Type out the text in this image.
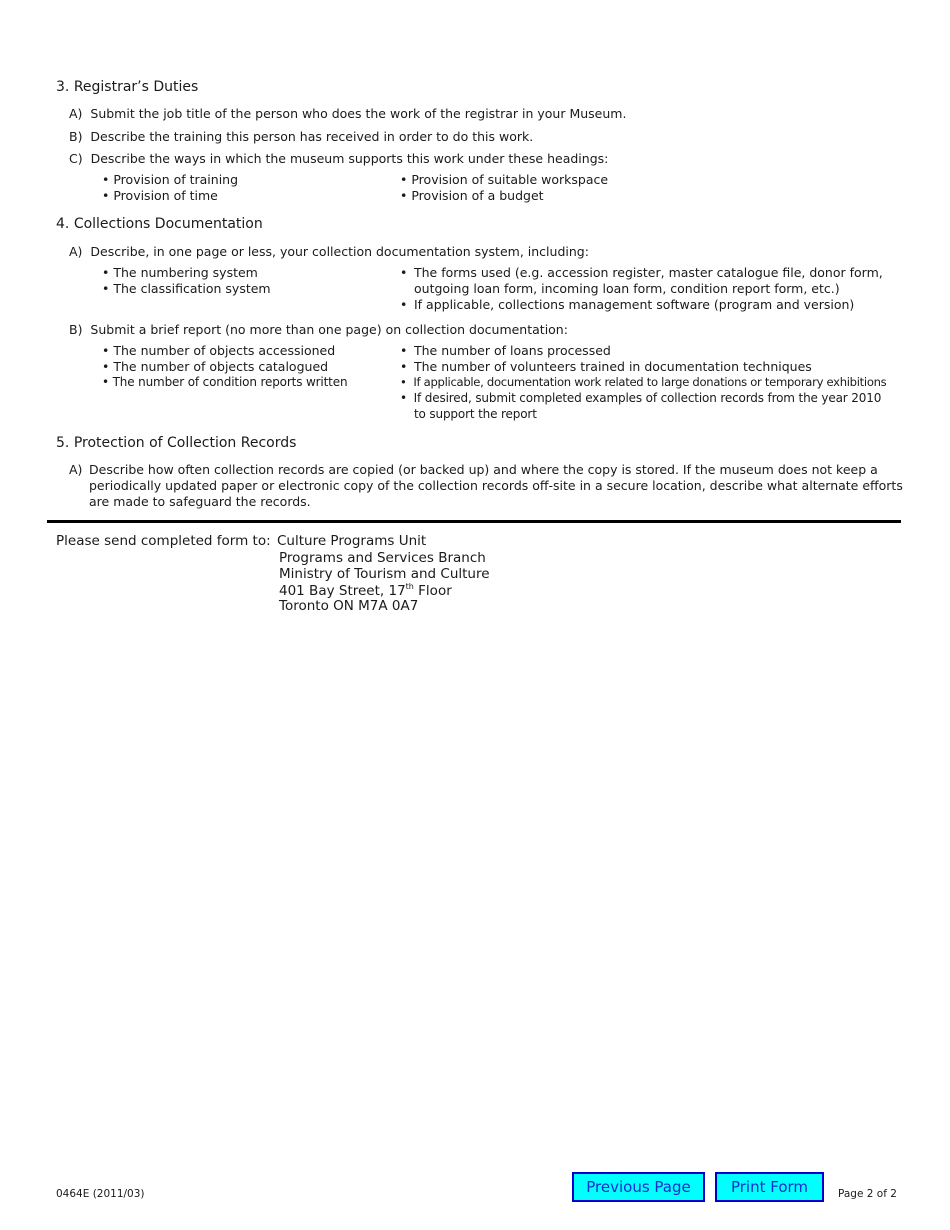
3. Registrar’s Duties
A) Submit the job title of the person who does the work of the registrar in your Museum.
B) Describe the training this person has received in order to do this work.
C) Describe the ways in which the museum supports this work under these headings:
• Provision of training
• Provision of time
• Provision of suitable workspace
• Provision of a budget
4. Collections Documentation
A) Describe, in one page or less, your collection documentation system, including:
• The numbering system
• The classification system
• The forms used (e.g. accession register, master catalogue file, donor form,
outgoing loan form, incoming loan form, condition report form, etc.)
• If applicable, collections management software (program and version)
B) Submit a brief report (no more than one page) on collection documentation:
• The number of objects accessioned
• The number of objects catalogued
• The number of condition reports written
• The number of loans processed
• The number of volunteers trained in documentation techniques
• If applicable, documentation work related to large donations or temporary exhibitions
• If desired, submit completed examples of collection records from the year 2010
to support the report
5. Protection of Collection Records
A) Describe how often collection records are copied (or backed up) and where the copy is stored. If the museum does not keep a
periodically updated paper or electronic copy of the collection records off-site in a secure location, describe what alternate efforts
are made to safeguard the records.
Please send completed form to: Culture Programs Unit
Programs and Services Branch
Ministry of Tourism and Culture
401 Bay Street, 17th Floor
Toronto ON M7A 0A7
0464E (2011/03)	Previous Page	Print Form	Page 2 of 2
